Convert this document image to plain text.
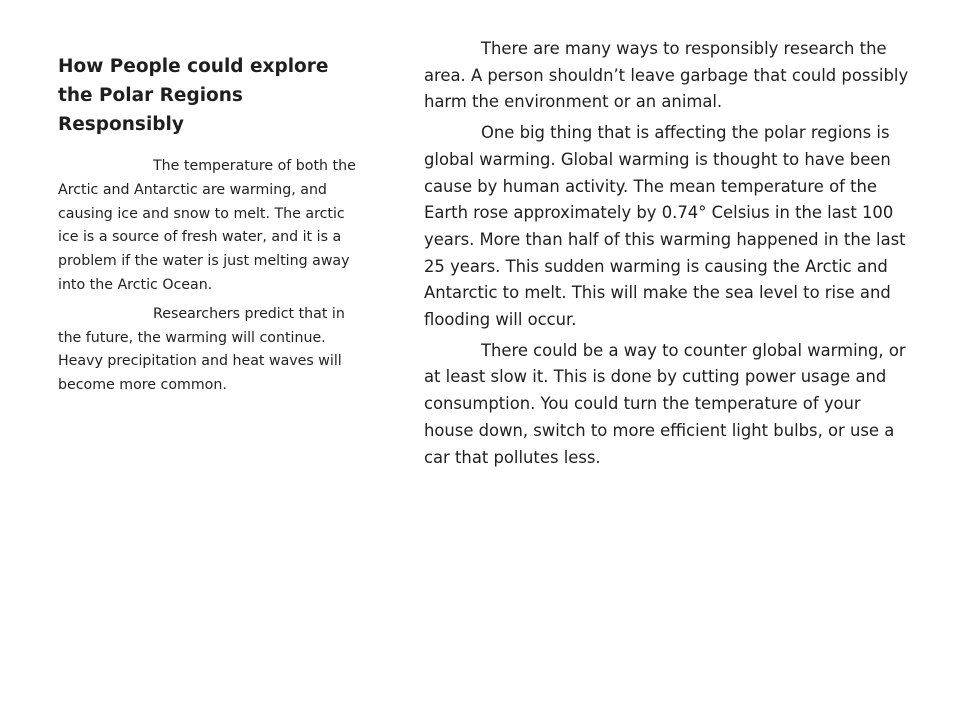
How People could explore the Polar Regions Responsibly

The temperature of both the Arctic and Antarctic are warming, and causing ice and snow to melt. The arctic ice is a source of fresh water, and it is a problem if the water is just melting away into the Arctic Ocean.

Researchers predict that in the future, the warming will continue. Heavy precipitation and heat waves will become more common.

There are many ways to responsibly research the area. A person shouldn’t leave garbage that could possibly harm the environment or an animal.

One big thing that is affecting the polar regions is global warming. Global warming is thought to have been cause by human activity. The mean temperature of the Earth rose approximately by 0.74° Celsius in the last 100 years. More than half of this warming happened in the last 25 years. This sudden warming is causing the Arctic and Antarctic to melt. This will make the sea level to rise and flooding will occur.

There could be a way to counter global warming, or at least slow it. This is done by cutting power usage and consumption. You could turn the temperature of your house down, switch to more efficient light bulbs, or use a car that pollutes less.
